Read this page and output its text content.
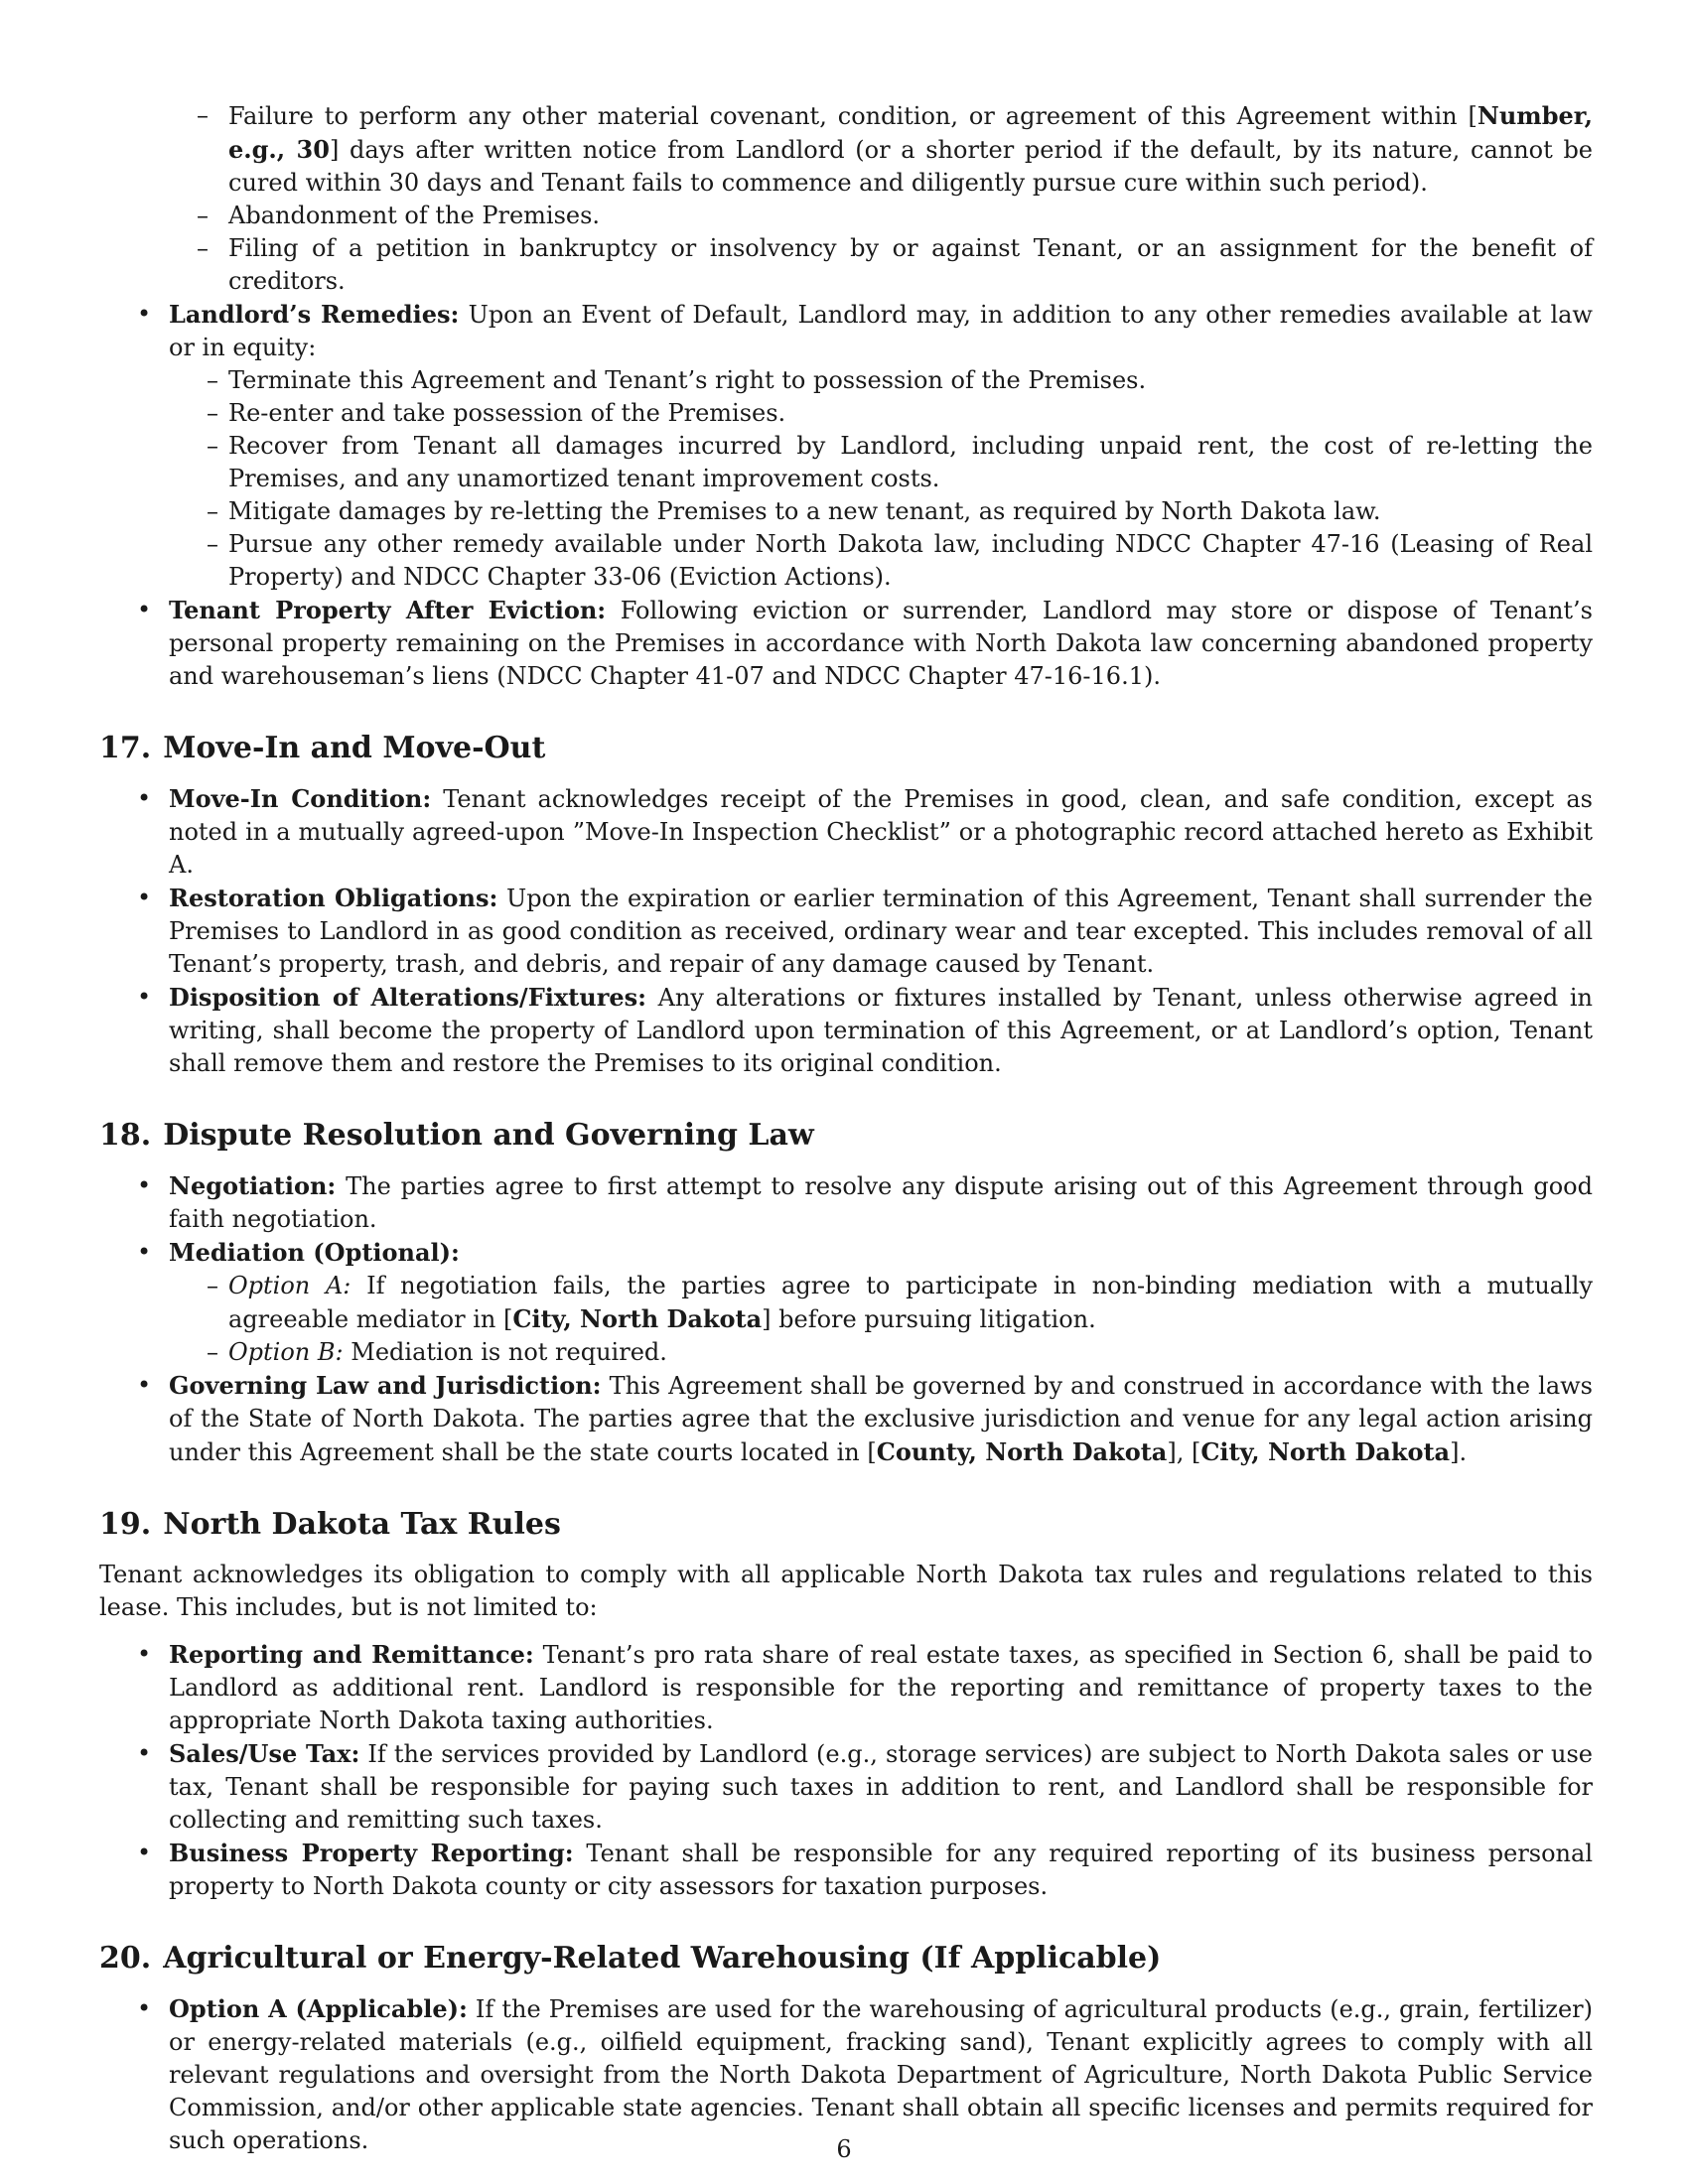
– Failure to perform any other material covenant, condition, or agreement of this Agreement within [Number, e.g., 30] days after written notice from Landlord (or a shorter period if the default, by its nature, cannot be cured within 30 days and Tenant fails to commence and diligently pursue cure within such period).
– Abandonment of the Premises.
– Filing of a petition in bankruptcy or insolvency by or against Tenant, or an assignment for the benefit of creditors.
• Landlord’s Remedies: Upon an Event of Default, Landlord may, in addition to any other remedies available at law or in equity:
– Terminate this Agreement and Tenant’s right to possession of the Premises.
– Re-enter and take possession of the Premises.
– Recover from Tenant all damages incurred by Landlord, including unpaid rent, the cost of re-letting the Premises, and any unamortized tenant improvement costs.
– Mitigate damages by re-letting the Premises to a new tenant, as required by North Dakota law.
– Pursue any other remedy available under North Dakota law, including NDCC Chapter 47-16 (Leasing of Real Property) and NDCC Chapter 33-06 (Eviction Actions).
• Tenant Property After Eviction: Following eviction or surrender, Landlord may store or dispose of Tenant’s personal property remaining on the Premises in accordance with North Dakota law concerning abandoned property and warehouseman’s liens (NDCC Chapter 41-07 and NDCC Chapter 47-16-16.1).
17. Move-In and Move-Out
• Move-In Condition: Tenant acknowledges receipt of the Premises in good, clean, and safe condition, except as noted in a mutually agreed-upon ”Move-In Inspection Checklist” or a photographic record attached hereto as Exhibit A.
• Restoration Obligations: Upon the expiration or earlier termination of this Agreement, Tenant shall surrender the Premises to Landlord in as good condition as received, ordinary wear and tear excepted. This includes removal of all Tenant’s property, trash, and debris, and repair of any damage caused by Tenant.
• Disposition of Alterations/Fixtures: Any alterations or fixtures installed by Tenant, unless otherwise agreed in writing, shall become the property of Landlord upon termination of this Agreement, or at Landlord’s option, Tenant shall remove them and restore the Premises to its original condition.
18. Dispute Resolution and Governing Law
• Negotiation: The parties agree to first attempt to resolve any dispute arising out of this Agreement through good faith negotiation.
• Mediation (Optional):
– Option A: If negotiation fails, the parties agree to participate in non-binding mediation with a mutually agreeable mediator in [City, North Dakota] before pursuing litigation.
– Option B: Mediation is not required.
• Governing Law and Jurisdiction: This Agreement shall be governed by and construed in accordance with the laws of the State of North Dakota. The parties agree that the exclusive jurisdiction and venue for any legal action arising under this Agreement shall be the state courts located in [County, North Dakota], [City, North Dakota].
19. North Dakota Tax Rules

Tenant acknowledges its obligation to comply with all applicable North Dakota tax rules and regulations related to this lease. This includes, but is not limited to:

• Reporting and Remittance: Tenant’s pro rata share of real estate taxes, as specified in Section 6, shall be paid to Landlord as additional rent. Landlord is responsible for the reporting and remittance of property taxes to the appropriate North Dakota taxing authorities.
• Sales/Use Tax: If the services provided by Landlord (e.g., storage services) are subject to North Dakota sales or use tax, Tenant shall be responsible for paying such taxes in addition to rent, and Landlord shall be responsible for collecting and remitting such taxes.
• Business Property Reporting: Tenant shall be responsible for any required reporting of its business personal property to North Dakota county or city assessors for taxation purposes.
20. Agricultural or Energy-Related Warehousing (If Applicable)
• Option A (Applicable): If the Premises are used for the warehousing of agricultural products (e.g., grain, fertilizer) or energy-related materials (e.g., oilfield equipment, fracking sand), Tenant explicitly agrees to comply with all relevant regulations and oversight from the North Dakota Department of Agriculture, North Dakota Public Service Commission, and/or other applicable state agencies. Tenant shall obtain all specific licenses and permits required for such operations.	6
